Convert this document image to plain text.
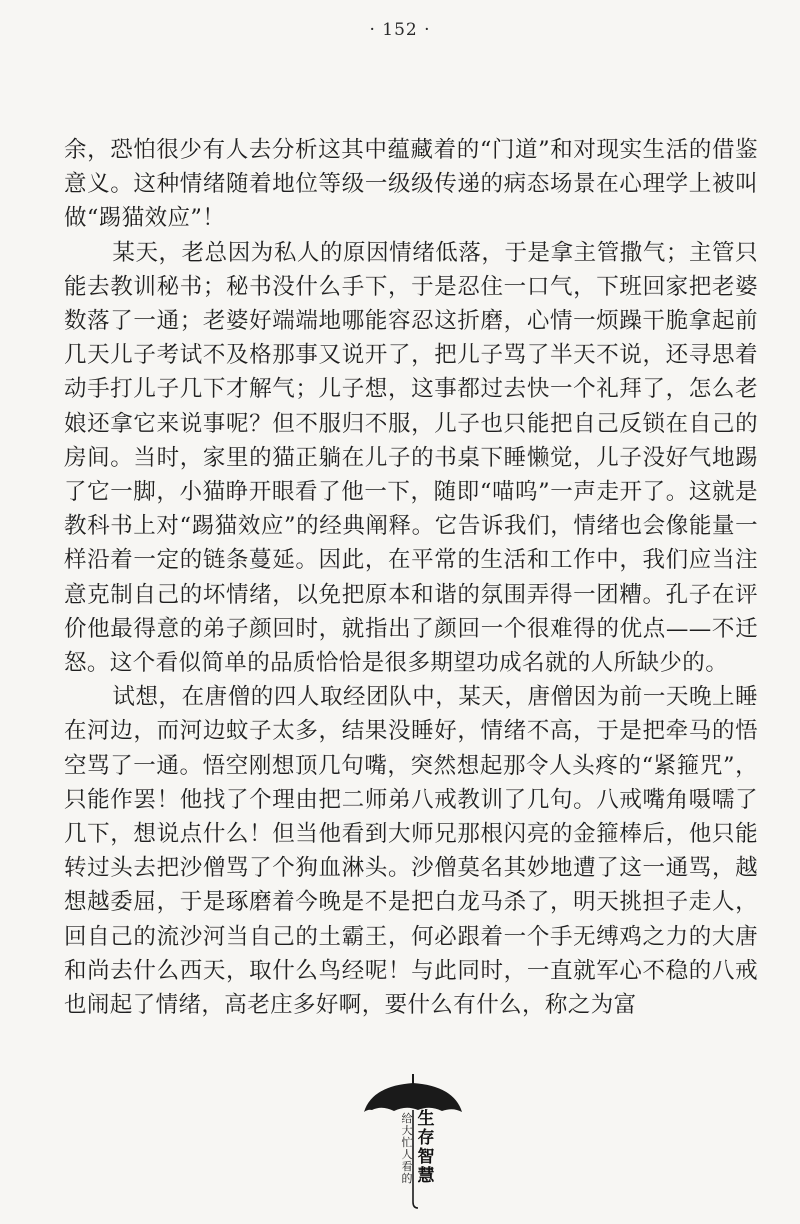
· 152 ·

余，恐怕很少有人去分析这其中蕴藏着的“门道”和对现实生活的借鉴意义。这种情绪随着地位等级一级级传递的病态场景在心理学上被叫做“踢猫效应”！

某天，老总因为私人的原因情绪低落，于是拿主管撒气；主管只能去教训秘书；秘书没什么手下，于是忍住一口气，下班回家把老婆数落了一通；老婆好端端地哪能容忍这折磨，心情一烦躁干脆拿起前几天儿子考试不及格那事又说开了，把儿子骂了半天不说，还寻思着动手打儿子几下才解气；儿子想，这事都过去快一个礼拜了，怎么老娘还拿它来说事呢？但不服归不服，儿子也只能把自己反锁在自己的房间。当时，家里的猫正躺在儿子的书桌下睡懒觉，儿子没好气地踢了它一脚，小猫睁开眼看了他一下，随即“喵呜”一声走开了。这就是教科书上对“踢猫效应”的经典阐释。它告诉我们，情绪也会像能量一样沿着一定的链条蔓延。因此，在平常的生活和工作中，我们应当注意克制自己的坏情绪，以免把原本和谐的氛围弄得一团糟。孔子在评价他最得意的弟子颜回时，就指出了颜回一个很难得的优点——不迁怒。这个看似简单的品质恰恰是很多期望功成名就的人所缺少的。

试想，在唐僧的四人取经团队中，某天，唐僧因为前一天晚上睡在河边，而河边蚊子太多，结果没睡好，情绪不高，于是把牵马的悟空骂了一通。悟空刚想顶几句嘴，突然想起那令人头疼的“紧箍咒”，只能作罢！他找了个理由把二师弟八戒教训了几句。八戒嘴角嗫嚅了几下，想说点什么！但当他看到大师兄那根闪亮的金箍棒后，他只能转过头去把沙僧骂了个狗血淋头。沙僧莫名其妙地遭了这一通骂，越想越委屈，于是琢磨着今晚是不是把白龙马杀了，明天挑担子走人，回自己的流沙河当自己的土霸王，何必跟着一个手无缚鸡之力的大唐和尚去什么西天，取什么鸟经呢！与此同时，一直就军心不稳的八戒也闹起了情绪，高老庄多好啊，要什么有什么，称之为富

给大忙人看的
生存智慧
